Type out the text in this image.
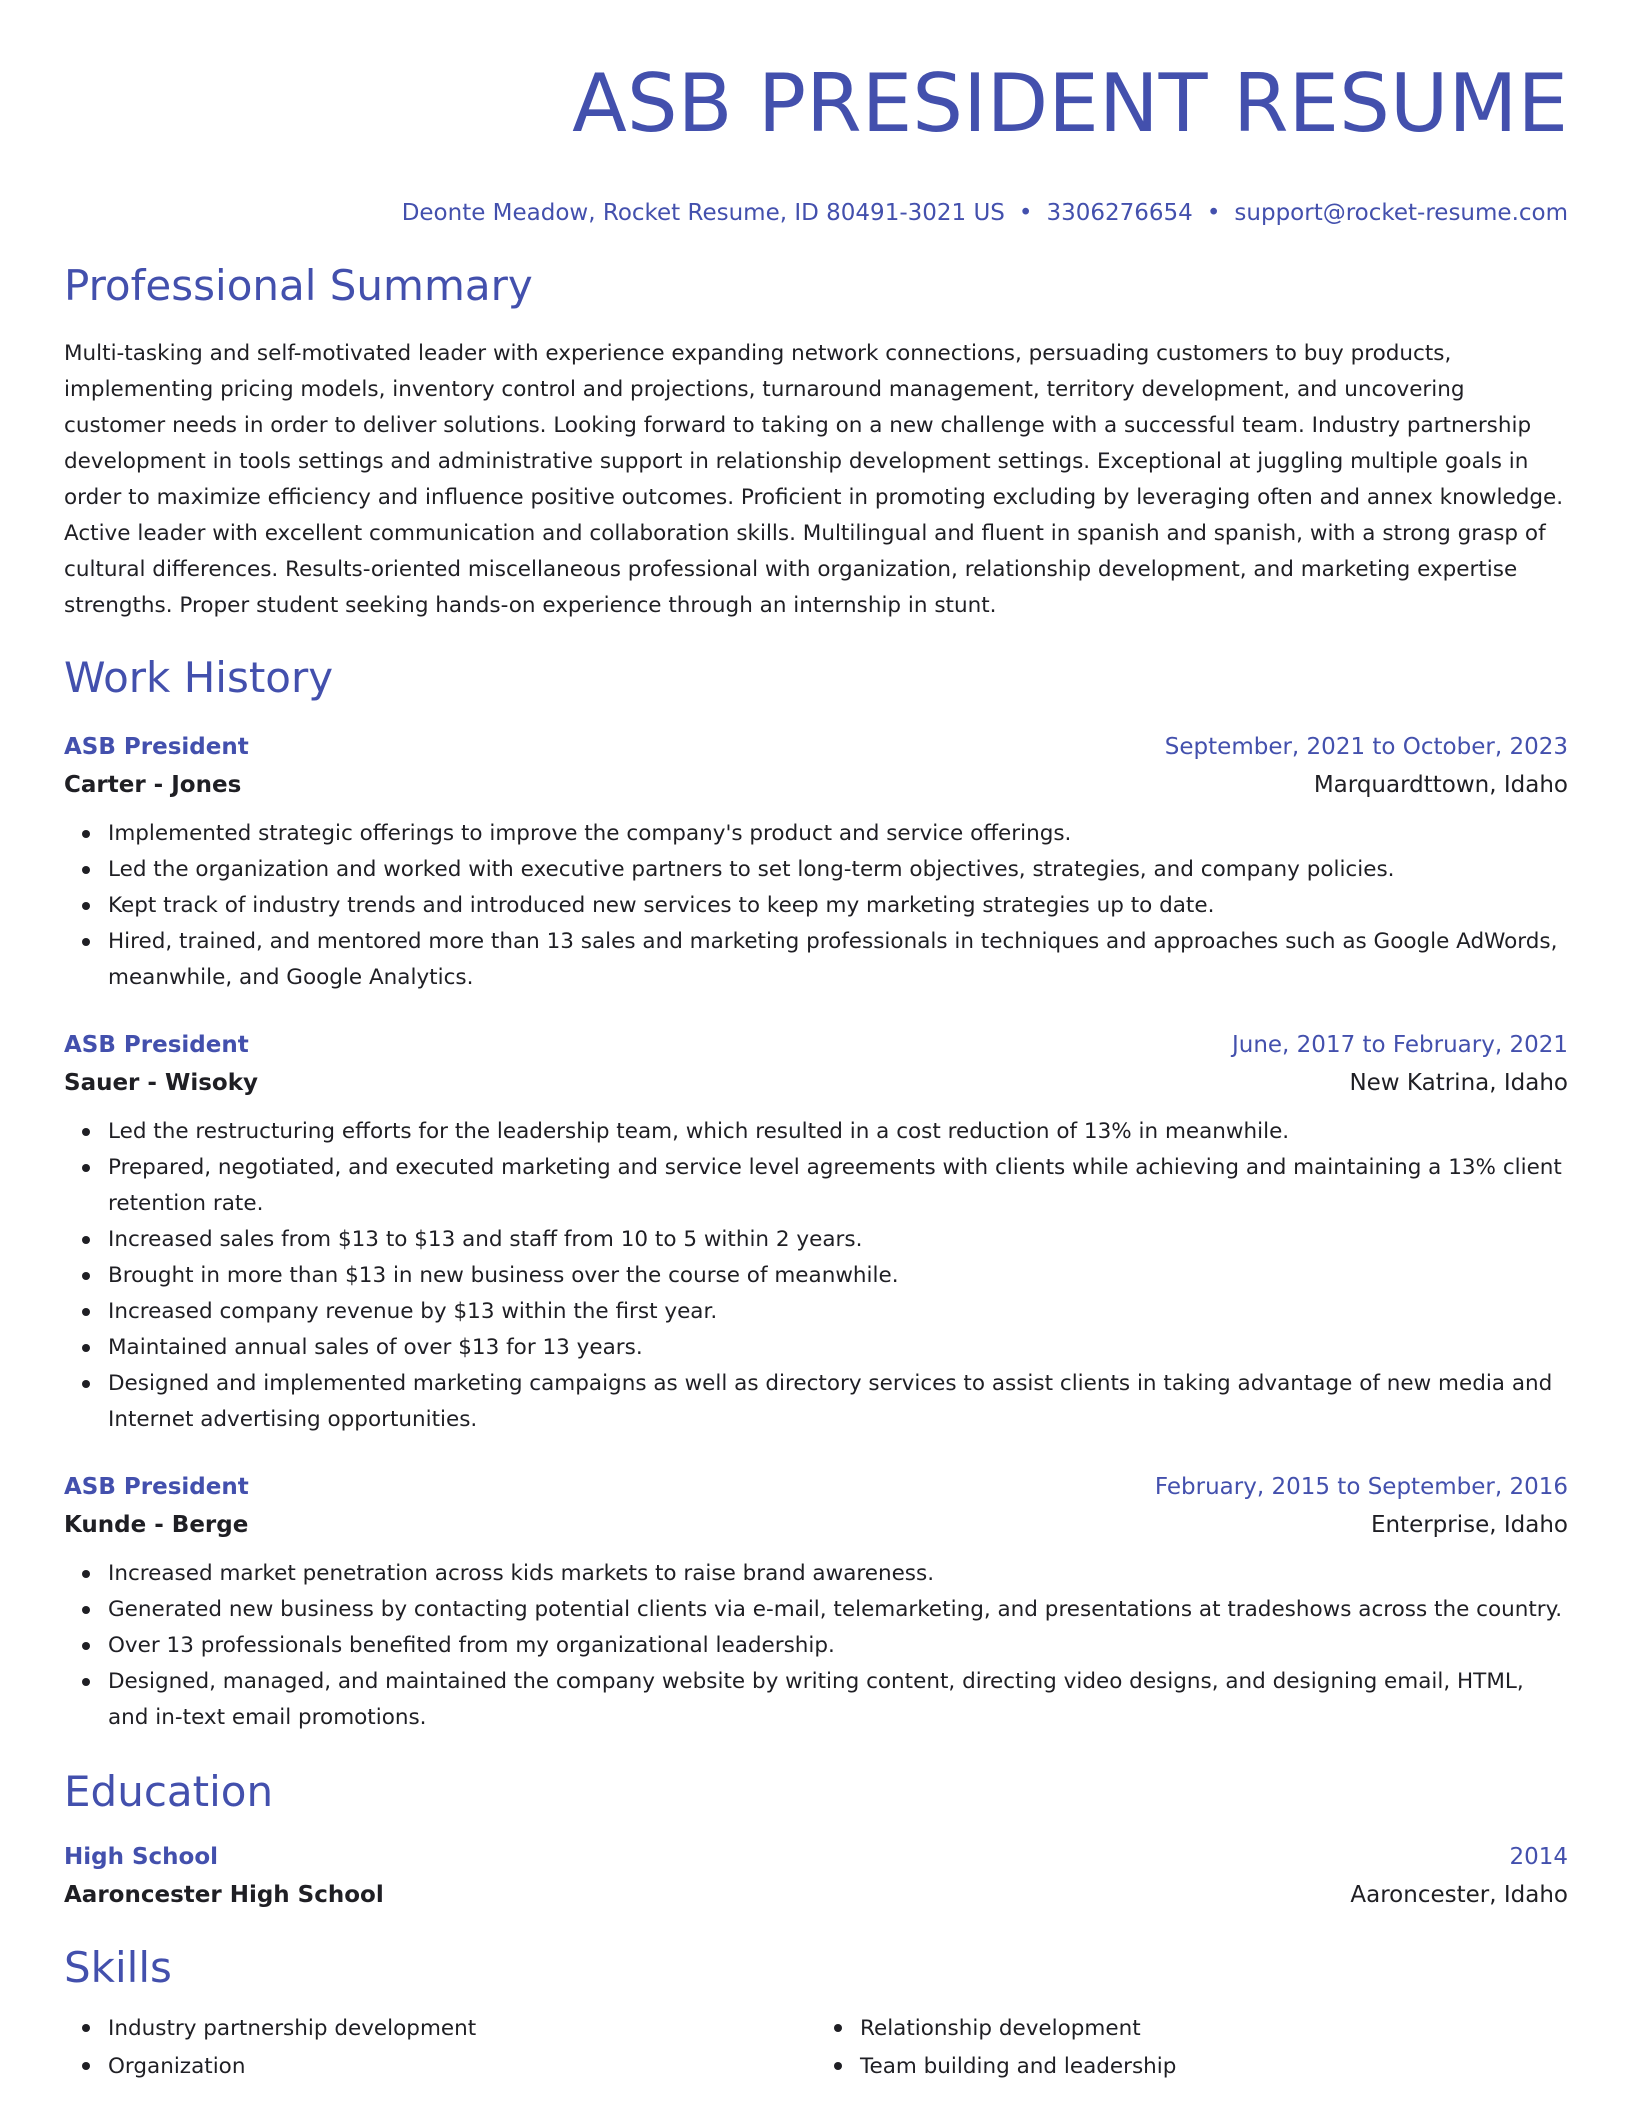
ASB PRESIDENT RESUME
Deonte Meadow, Rocket Resume, ID 80491-3021 US • 3306276654 • support@rocket-resume.com
Professional Summary

Multi-tasking and self-motivated leader with experience expanding network connections, persuading customers to buy products, implementing pricing models, inventory control and projections, turnaround management, territory development, and uncovering customer needs in order to deliver solutions. Looking forward to taking on a new challenge with a successful team. Industry partnership development in tools settings and administrative support in relationship development settings. Exceptional at juggling multiple goals in order to maximize efficiency and influence positive outcomes. Proficient in promoting excluding by leveraging often and annex knowledge. Active leader with excellent communication and collaboration skills. Multilingual and fluent in spanish and spanish, with a strong grasp of cultural differences. Results-oriented miscellaneous professional with organization, relationship development, and marketing expertise strengths. Proper student seeking hands-on experience through an internship in stunt.

Work History
ASB President	September, 2021 to October, 2023
Carter - Jones	Marquardttown, Idaho
Implemented strategic offerings to improve the company's product and service offerings.
Led the organization and worked with executive partners to set long-term objectives, strategies, and company policies.
Kept track of industry trends and introduced new services to keep my marketing strategies up to date.
Hired, trained, and mentored more than 13 sales and marketing professionals in techniques and approaches such as Google AdWords, meanwhile, and Google Analytics.
ASB President	June, 2017 to February, 2021
Sauer - Wisoky	New Katrina, Idaho
Led the restructuring efforts for the leadership team, which resulted in a cost reduction of 13% in meanwhile.
Prepared, negotiated, and executed marketing and service level agreements with clients while achieving and maintaining a 13% client retention rate.
Increased sales from $13 to $13 and staff from 10 to 5 within 2 years.
Brought in more than $13 in new business over the course of meanwhile.
Increased company revenue by $13 within the first year.
Maintained annual sales of over $13 for 13 years.
Designed and implemented marketing campaigns as well as directory services to assist clients in taking advantage of new media and Internet advertising opportunities.
ASB President	February, 2015 to September, 2016
Kunde - Berge	Enterprise, Idaho
Increased market penetration across kids markets to raise brand awareness.
Generated new business by contacting potential clients via e-mail, telemarketing, and presentations at tradeshows across the country.
Over 13 professionals benefited from my organizational leadership.
Designed, managed, and maintained the company website by writing content, directing video designs, and designing email, HTML, and in-text email promotions.
Education
High School	2014
Aaroncester High School	Aaroncester, Idaho
Skills
Industry partnership development
Organization
Relationship development
Team building and leadership
